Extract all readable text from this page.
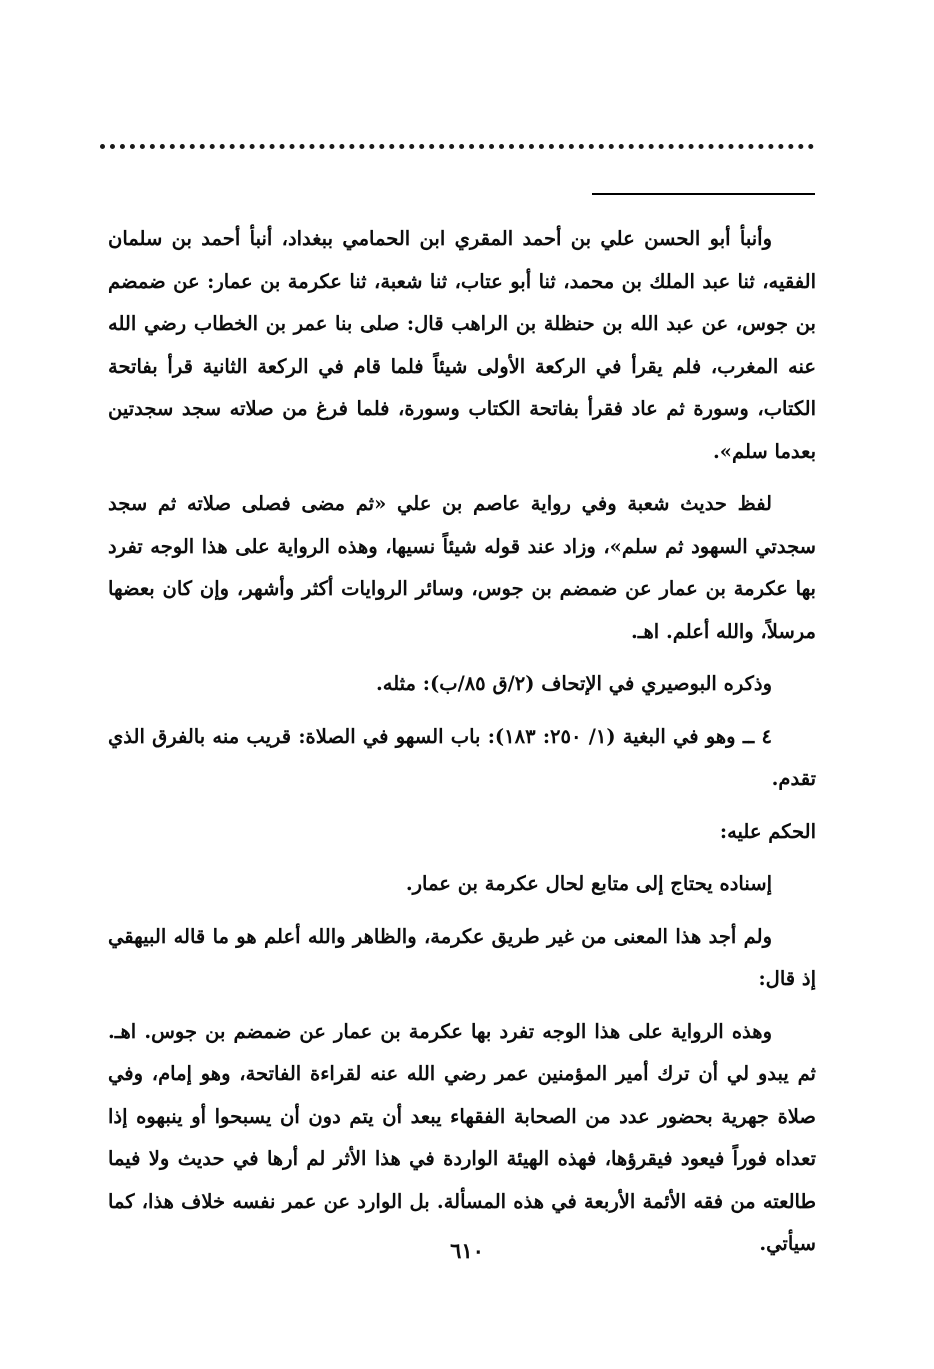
وأنبأ أبو الحسن علي بن أحمد المقري ابن الحمامي ببغداد، أنبأ أحمد بن سلمان الفقيه، ثنا عبد الملك بن محمد، ثنا أبو عتاب، ثنا شعبة، ثنا عكرمة بن عمار: عن ضمضم بن جوس، عن عبد الله بن حنظلة بن الراهب قال: صلى بنا عمر بن الخطاب رضي الله عنه المغرب، فلم يقرأ في الركعة الأولى شيئاً فلما قام في الركعة الثانية قرأ بفاتحة الكتاب، وسورة ثم عاد فقرأ بفاتحة الكتاب وسورة، فلما فرغ من صلاته سجد سجدتين بعدما سلم».

لفظ حديث شعبة وفي رواية عاصم بن علي «ثم مضى فصلى صلاته ثم سجد سجدتي السهود ثم سلم»، وزاد عند قوله شيئاً نسيها، وهذه الرواية على هذا الوجه تفرد بها عكرمة بن عمار عن ضمضم بن جوس، وسائر الروايات أكثر وأشهر، وإن كان بعضها مرسلاً، والله أعلم. اهـ.

وذكره البوصيري في الإتحاف (٢/ق ٨٥/ب): مثله.

٤ ــ وهو في البغية (١/ ٢٥٠: ١٨٣): باب السهو في الصلاة: قريب منه بالفرق الذي تقدم.

الحكم عليه:

إسناده يحتاج إلى متابع لحال عكرمة بن عمار.

ولم أجد هذا المعنى من غير طريق عكرمة، والظاهر والله أعلم هو ما قاله البيهقي إذ قال:

وهذه الرواية على هذا الوجه تفرد بها عكرمة بن عمار عن ضمضم بن جوس. اهـ. ثم يبدو لي أن ترك أمير المؤمنين عمر رضي الله عنه لقراءة الفاتحة، وهو إمام، وفي صلاة جهرية بحضور عدد من الصحابة الفقهاء يبعد أن يتم دون أن يسبحوا أو ينبهوه إذا تعداه فوراً فيعود فيقرؤها، فهذه الهيئة الواردة في هذا الأثر لم أرها في حديث ولا فيما طالعته من فقه الأئمة الأربعة في هذه المسألة. بل الوارد عن عمر نفسه خلاف هذا، كما سيأتي.

٦١٠
